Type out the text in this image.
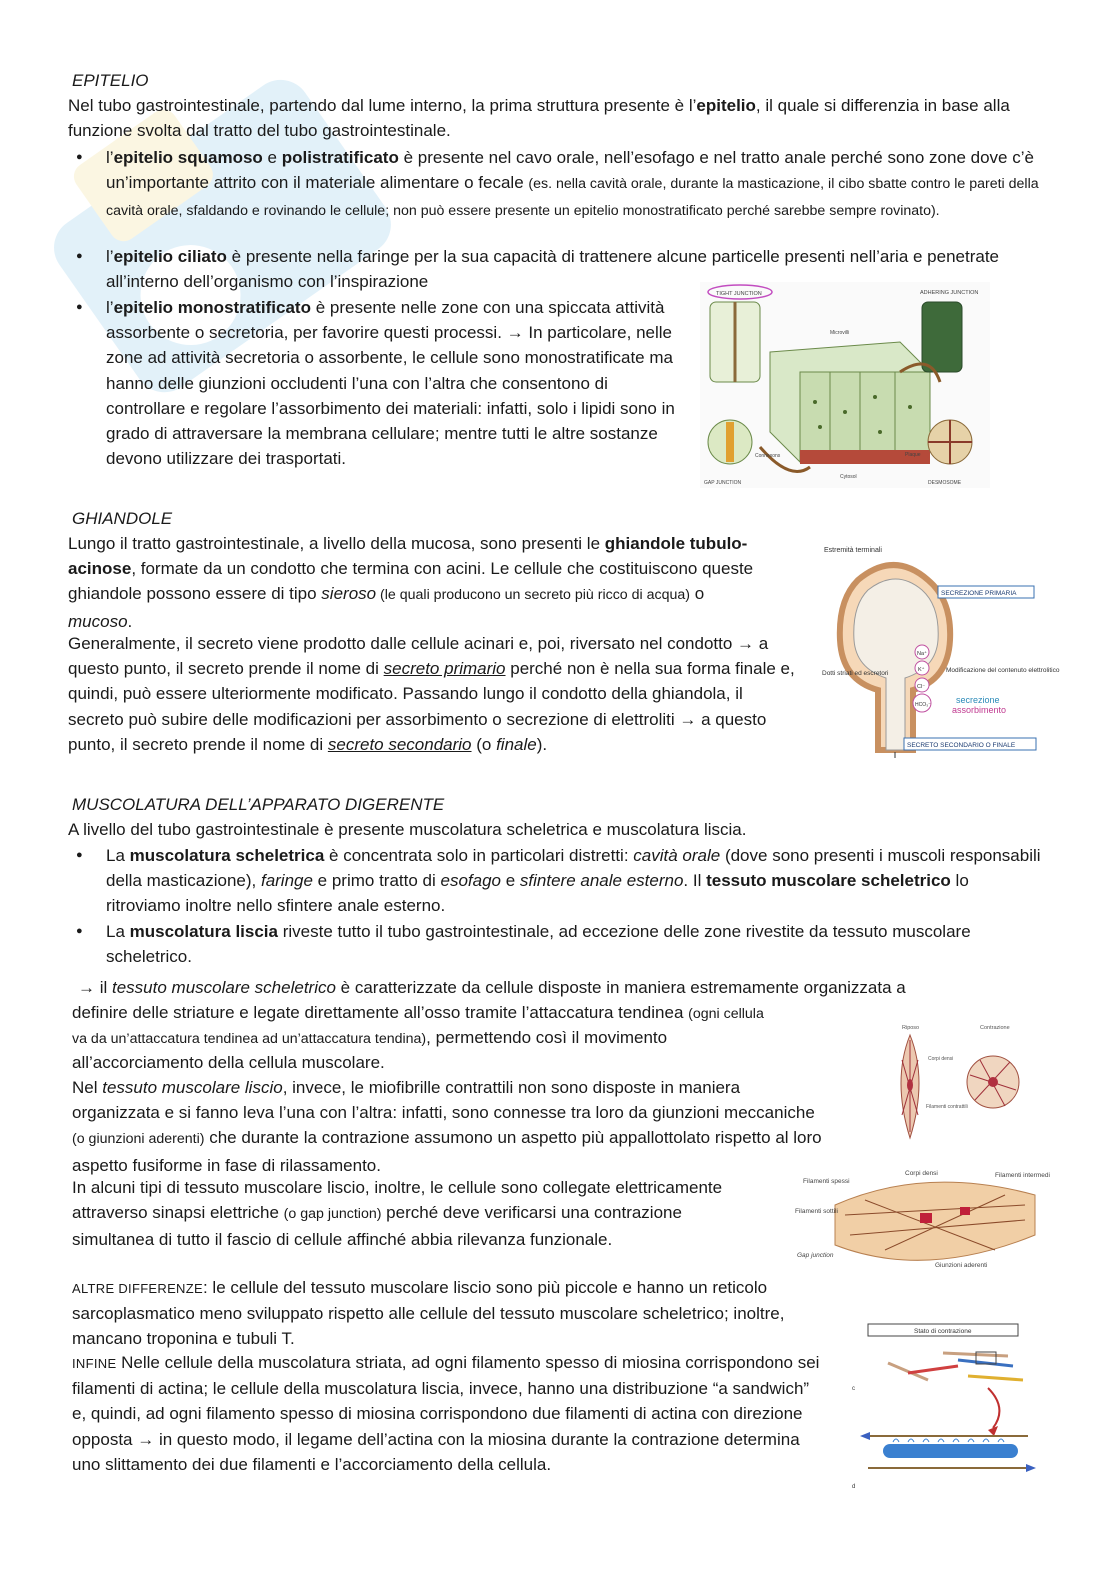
EPITELIO

Nel tubo gastrointestinale, partendo dal lume interno, la prima struttura presente è l’epitelio, il quale si differenzia in base alla funzione svolta dal tratto del tubo gastrointestinale.

● l’epitelio squamoso e polistratificato è presente nel cavo orale, nell’esofago e nel tratto anale perché sono zone dove c’è un’importante attrito con il materiale alimentare o fecale (es. nella cavità orale, durante la masticazione, il cibo sbatte contro le pareti della cavità orale, sfaldando e rovinando le cellule; non può essere presente un epitelio monostratificato perché sarebbe sempre rovinato).

● l’epitelio ciliato è presente nella faringe per la sua capacità di trattenere alcune particelle presenti nell’aria e penetrate all’interno dell’organismo con l’inspirazione

● l’epitelio monostratificato è presente nelle zone con una spiccata attività assorbente o secretoria, per favorire questi processi. → In particolare, nelle zone ad attività secretoria o assorbente, le cellule sono monostratificate ma hanno delle giunzioni occludenti l’una con l’altra che consentono di controllare e regolare l’assorbimento dei materiali: infatti, solo i lipidi sono in grado di attraversare la membrana cellulare; mentre tutti le altre sostanze devono utilizzare dei trasportati.

TIGHT JUNCTION	ADHERING JUNCTION
Microvilli
Cytosol
Connexons	Plaque
GAP JUNCTION	DESMOSOME

GHIANDOLE

Lungo il tratto gastrointestinale, a livello della mucosa, sono presenti le ghiandole tubulo-acinose, formate da un condotto che termina con acini. Le cellule che costituiscono queste ghiandole possono essere di tipo sieroso (le quali producono un secreto più ricco di acqua) o mucoso.

Generalmente, il secreto viene prodotto dalle cellule acinari e, poi, riversato nel condotto → a questo punto, il secreto prende il nome di secreto primario perché non è nella sua forma finale e, quindi, può essere ulteriormente modificato. Passando lungo il condotto della ghiandola, il secreto può subire delle modificazioni per assorbimento o secrezione di elettroliti → a questo punto, il secreto prende il nome di secreto secondario (o finale).

Estremità terminali
SECREZIONE PRIMARIA
Dotti striati ed escretori
Na⁺
K⁺
Cl⁻
HCO₃⁻
Modificazione del contenuto elettrolitico
secrezione
assorbimento
SECRETO SECONDARIO O FINALE

MUSCOLATURA DELL’APPARATO DIGERENTE

A livello del tubo gastrointestinale è presente muscolatura scheletrica e muscolatura liscia.

● La muscolatura scheletrica è concentrata solo in particolari distretti: cavità orale (dove sono presenti i muscoli responsabili della masticazione), faringe e primo tratto di esofago e sfintere anale esterno. Il tessuto muscolare scheletrico lo ritroviamo inoltre nello sfintere anale esterno.

● La muscolatura liscia riveste tutto il tubo gastrointestinale, ad eccezione delle zone rivestite da tessuto muscolare scheletrico.

→ il tessuto muscolare scheletrico è caratterizzate da cellule disposte in maniera estremamente organizzata a

definire delle striature e legate direttamente all’osso tramite l’attaccatura tendinea (ogni cellula

va da un’attaccatura tendinea ad un’attaccatura tendina), permettendo così il movimento

all’accorciamento della cellula muscolare.

Nel tessuto muscolare liscio, invece, le miofibrille contrattili non sono disposte in maniera organizzata e si fanno leva l’una con l’altra: infatti, sono connesse tra loro da giunzioni meccaniche (o giunzioni aderenti) che durante la contrazione assumono un aspetto più appallottolato rispetto al loro aspetto fusiforme in fase di rilassamento.

In alcuni tipi di tessuto muscolare liscio, inoltre, le cellule sono collegate elettricamente attraverso sinapsi elettriche (o gap junction) perché deve verificarsi una contrazione simultanea di tutto il fascio di cellule affinché abbia rilevanza funzionale.

ALTRE DIFFERENZE: le cellule del tessuto muscolare liscio sono più piccole e hanno un reticolo sarcoplasmatico meno sviluppato rispetto alle cellule del tessuto muscolare scheletrico; inoltre, mancano troponina e tubuli T.

INFINE Nelle cellule della muscolatura striata, ad ogni filamento spesso di miosina corrispondono sei filamenti di actina; le cellule della muscolatura liscia, invece, hanno una distribuzione “a sandwich” e, quindi, ad ogni filamento spesso di miosina corrispondono due filamenti di actina con direzione opposta → in questo modo, il legame dell’actina con la miosina durante la contrazione determina uno slittamento dei due filamenti e l’accorciamento della cellula.

Riposo	Contrazione
Corpi densi
Filamenti contrattili
Filamenti spessi
Filamenti sottili
Gap junction
Corpi densi	Filamenti intermedi
Giunzioni aderenti
Stato di contrazione
c
d
